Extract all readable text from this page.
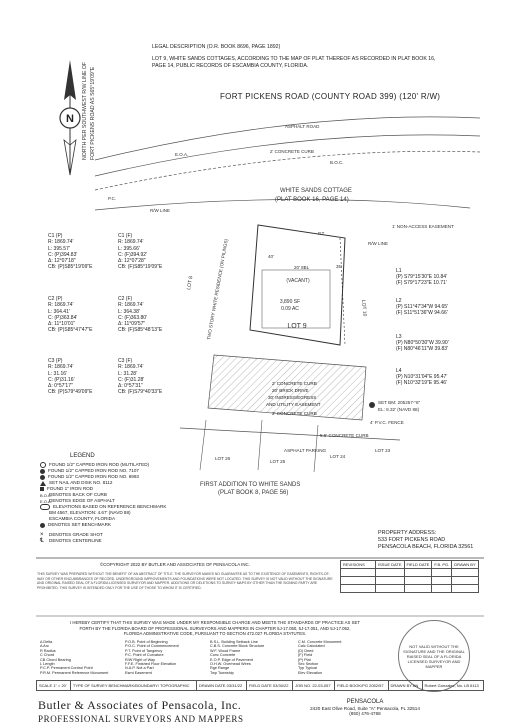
LEGAL DESCRIPTION (O.R. BOOK 8696, PAGE 1892)
LOT 9, WHITE SANDS COTTAGES, ACCORDING TO THE MAP OF PLAT THEREOF AS RECORDED IN PLAT BOOK 16,
PAGE 14, PUBLIC RECORDS OF ESCAMBIA COUNTY, FLORIDA.
FORT PICKENS ROAD (COUNTY ROAD 399) (120' R/W)
N NORTH PER SOUTHWEST R/W LINE OF FORT PICKENS ROAD AS S65°19'09"E	ASPHALT ROAD
E.O.A.
2' CONCRETE CURB
B.O.C.
P.C.
R/W LINE
P.T.
R/W LINE
WHITE SANDS COTTAGE
(PLAT BOOK 16, PAGE 14)
1' NON-ACCESS EASEMENT
(VACANT)
3,890 SF
0.09 AC
LOT 9
20' 8BL
40'
35'
TWO STORY WHITE RESIDENCE (ON PILINGS)
LOT 8
LOT 10
2' CONCRETE CURB
20' BRICK DRIVE
30' INGRESS/EGRESS
AND UTILITY EASEMENT
2' CONCRETE CURB
SET BM: 205257-"8"
EL: 8.32' (NAVD 88)
4' P.V.C. FENCE
ASPHALT PARKING
5.5' CONCRETE CURB
LOT 26
LOT 25
LOT 24
LOT 23
FIRST ADDITION TO WHITE SANDS
(PLAT BOOK 8, PAGE 56)
C1 (P)
R: 1869.74'
L: 395.57'
C: (P)394.83'
Δ: 12°07'18"
CB: (P)S85°19'09"E
C1 (F)
R: 1869.74'
L: 395.66'
C: (F)394.92'
Δ: 12°07'28"
CB: (F)S85°19'09"E
C2 (P)
R: 1869.74'
L: 364.41'
C: (P)363.84'
Δ: 11°10'01"
CB: (P)S85°47'47"E
C2 (F)
R: 1869.74'
L: 364.38'
C: (F)363.80'
Δ: 11°09'57"
CB: (F)S85°48'13"E
C3 (P)
R: 1869.74'
L: 31.16'
C: (P)31.16'
Δ: 0°57'17"
CB: (P)S79°49'09"E
C3 (F)
R: 1869.74'
L: 31.28'
C: (F)31.28'
Δ: 0°57'31"
CB: (F)S79°40'33"E
L1
(P) S79°15'30"E 10.84'
(F) S79°17'23"E 10.71'
L2
(P) S11°47'34"W 94.65'
(F) S11°51'36"W 94.66'
L3
(P) N80°50'30"W 39.90'
(F) N80°46'11"W 39.83'
L4
(P) N10°31'04"E 95.47'
(F) N10°32'19"E 95.46'
LEGEND
FOUND 1/2" CAPPED IRON ROD (MUTILATED)
FOUND 1/2" CAPPED IRON ROD NO. 7107
FOUND 1/2" CAPPED IRON ROD NO. 6993
SET NAIL AND DISK NO. 8112
FOUND 1" IRON ROD
B.O.C.
DENOTES BACK OF CURB
E.O.A.
DENOTES EDGE OF ASPHALT
ELEVATIONS BASED ON REFERENCE BENCHMARK
BM 4567, ELEVATION: 4.67' (NAVD 88)
ESCAMBIA COUNTY, FLORIDA
DENOTES SET BENCHMARK
×	DENOTES GRADE SHOT
℄	DENOTES CENTERLINE
PROPERTY ADDRESS:
533 FORT PICKENS ROAD
PENSACOLA BEACH, FLORIDA 32561
©COPYRIGHT 2022 BY BUTLER AND ASSOCIATES OF PENSACOLA INC.
THIS SURVEY WAS PREPARED WITHOUT THE BENEFIT OF AN ABSTRACT OF TITLE. THE SURVEYOR MAKES NO GUARANTEE AS TO THE EXISTENCE OF EASEMENTS, RIGHTS-OF-WAY OR OTHER ENCUMBRANCES OF RECORD. UNDERGROUND IMPROVEMENTS AND FOUNDATIONS WERE NOT LOCATED. THIS SURVEY IS NOT VALID WITHOUT THE SIGNATURE AND ORIGINAL RAISED SEAL OF A FLORIDA LICENSED SURVEYOR AND MAPPER. ADDITIONS OR DELETIONS TO SURVEY MAPS BY OTHER THAN THE SIGNING PARTY ARE PROHIBITED. THIS SURVEY IS INTENDED ONLY FOR THE USE OF THOSE TO WHOM IT IS CERTIFIED.
REVISIONS	ISSUE DATE	FIELD DATE	F.B. PG.	DRAWN BY

I HEREBY CERTIFY THAT THIS SURVEY WAS MADE UNDER MY RESPONSIBLE CHARGE AND MEETS THE STANDARDS OF PRACTICE AS SET FORTH BY THE FLORIDA BOARD OF PROFESSIONAL SURVEYORS AND MAPPERS IN CHAPTER 5J-17.050, 5J-17.051, AND 5J-17.052, FLORIDA ADMINISTRATIVE CODE, PURSUANT TO SECTION 472.027 FLORIDA STATUTES.
Δ Delta
A Arc
R Radius
C Chord
CB Chord Bearing
L Length
P.C.P. Permanent Control Point
P.R.M. Permanent Reference Monument
P.O.B. Point of Beginning
P.O.C. Point of Commencement
P.T. Point of Tangency
P.C. Point of Curvature
R/W Right of Way
F.F.E. Finished Floor Elevation
N.A.P. Not a Part
Esmt Easement
B.S.L. Building Setback Line
C.B.S. Concrete Block Structure
W.F. Wood Frame
Conc Concrete
E.O.P. Edge of Pavement
O.H.W. Overhead Wires
Rge Range
Twp Township
C.M. Concrete Monument
Calc Calculated
(D) Deed
(F) Field
(P) Plat
Sec Section
Typ Typical
Elev Elevation
NOT VALID WITHOUT THE SIGNATURE AND THE ORIGINAL RAISED SEAL OF A FLORIDA LICENSED SURVEYOR AND MAPPER
SCALE 1" = 20'	TYPE OF SURVEY BENCHMARK/BOUNDARY/ TOPOGRAPHIC	DRAWN DATE 03/31/22	FIELD DATE 03/30/22	JOB NO. 22-03-057	FIELD BOOK/PG 2052/57	DRAWN BY AN	Robert Gonzalez, No. LB 6113
Butler & Associates of Pensacola, Inc.
PROFESSIONAL SURVEYORS AND MAPPERS
PENSACOLA
2420 East Olive Road, Suite "A" Pensacola, FL 32514
(850) 476-4768
